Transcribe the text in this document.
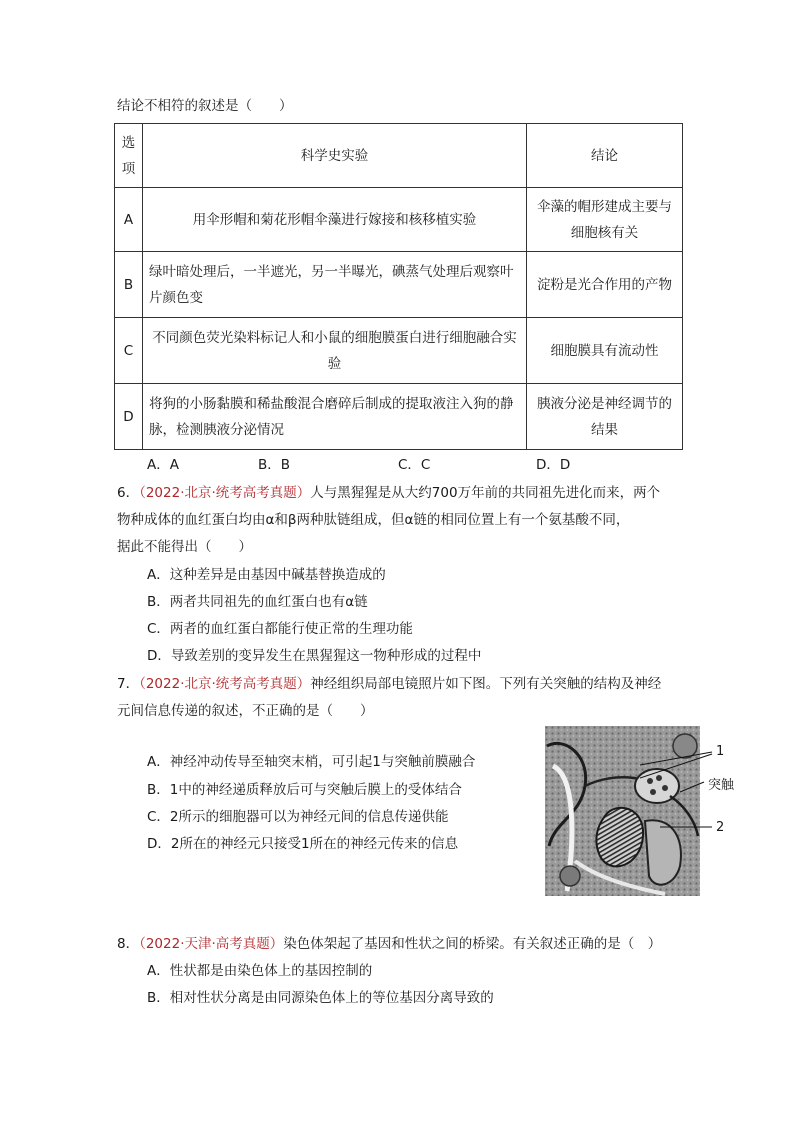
结论不相符的叙述是（　　）
选
项	科学史实验	结论
A	用伞形帽和菊花形帽伞藻进行嫁接和核移植实验	伞藻的帽形建成主要与细胞核有关
B	绿叶暗处理后，一半遮光，另一半曝光，碘蒸气处理后观察叶片颜色变	淀粉是光合作用的产物
C	不同颜色荧光染料标记人和小鼠的细胞膜蛋白进行细胞融合实验	细胞膜具有流动性
D	将狗的小肠黏膜和稀盐酸混合磨碎后制成的提取液注入狗的静脉，检测胰液分泌情况	胰液分泌是神经调节的结果
A．A	B．B	C．C	D．D
6．（2022·北京·统考高考真题）人与黑猩猩是从大约700万年前的共同祖先进化而来，两个
物种成体的血红蛋白均由α和β两种肽链组成，但α链的相同位置上有一个氨基酸不同，
据此不能得出（　　）
A．这种差异是由基因中碱基替换造成的
B．两者共同祖先的血红蛋白也有α链
C．两者的血红蛋白都能行使正常的生理功能
D．导致差别的变异发生在黑猩猩这一物种形成的过程中
7．（2022·北京·统考高考真题）神经组织局部电镜照片如下图。下列有关突触的结构及神经
元间信息传递的叙述，不正确的是（　　）
A．神经冲动传导至轴突末梢，可引起1与突触前膜融合
B．1中的神经递质释放后可与突触后膜上的受体结合
C．2所示的细胞器可以为神经元间的信息传递供能
D．2所在的神经元只接受1所在的神经元传来的信息
1
突触
2
8．（2022·天津·高考真题）染色体架起了基因和性状之间的桥梁。有关叙述正确的是（　）
A．性状都是由染色体上的基因控制的
B．相对性状分离是由同源染色体上的等位基因分离导致的
